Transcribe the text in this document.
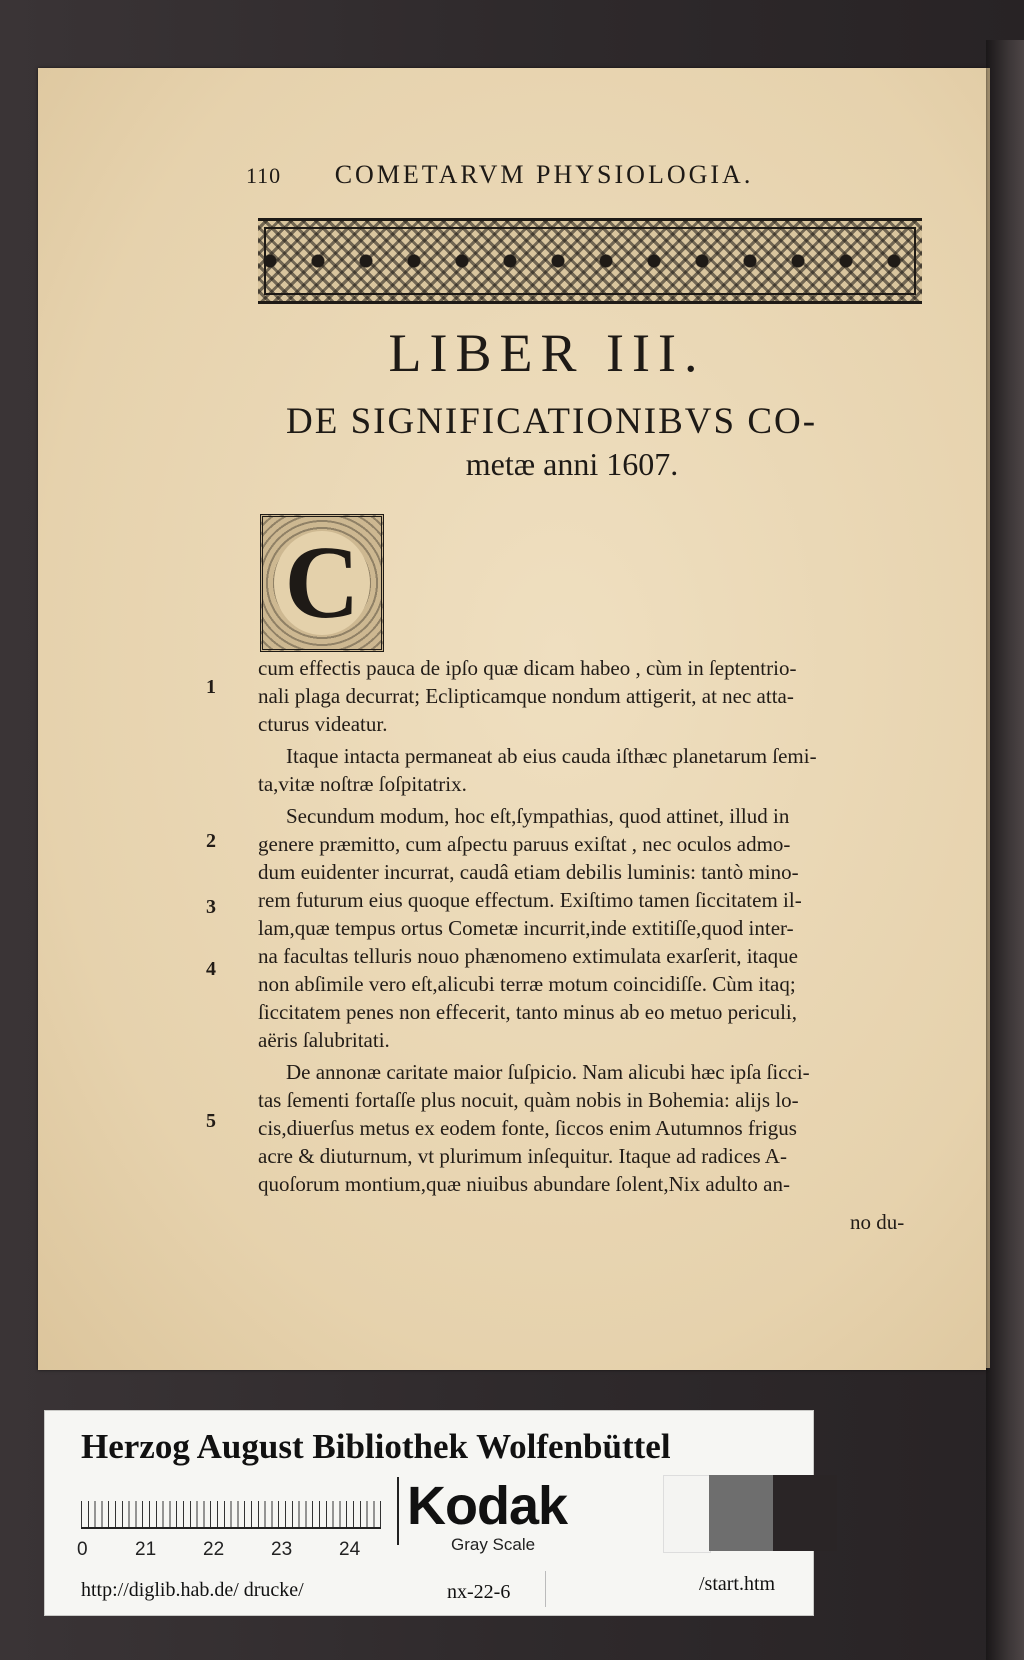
110 COMETARVM PHYSIOLOGIA.
LIBER III.
DE SIGNIFICATIONIBVS CO-
metæ anni 1607.
C
cum effectis pauca de ipſo quæ dicam habeo , cùm in ſeptentrio-
nali plaga decurrat; Eclipticamque nondum attigerit, at nec atta-
cturus videatur.
Itaque intacta permaneat ab eius cauda iſthæc planetarum ſemi-
ta,vitæ noſtræ ſoſpitatrix.
Secundum modum, hoc eſt,ſympathias, quod attinet, illud in
genere præmitto, cum aſpectu paruus exiſtat , nec oculos admo-
dum euidenter incurrat, caudâ etiam debilis luminis: tantò mino-
rem futurum eius quoque effectum. Exiſtimo tamen ſiccitatem il-
lam,quæ tempus ortus Cometæ incurrit,inde extitiſſe,quod inter-
na facultas telluris nouo phænomeno extimulata exarſerit, itaque
non abſimile vero eſt,alicubi terræ motum coincidiſſe. Cùm itaq;
ſiccitatem penes non effecerit, tanto minus ab eo metuo periculi,
aëris ſalubritati.
De annonæ caritate maior ſuſpicio. Nam alicubi hæc ipſa ſicci-
tas ſementi fortaſſe plus nocuit, quàm nobis in Bohemia: alijs lo-
cis,diuerſus metus ex eodem fonte, ſiccos enim Autumnos frigus
acre & diuturnum, vt plurimum inſequitur. Itaque ad radices A-
quoſorum montium,quæ niuibus abundare ſolent,Nix adulto an-
no du-
1
2
3
4
5
Herzog August Bibliothek Wolfenbüttel
0 21 22 23 24
Kodak
Gray Scale
http://diglib.hab.de/ drucke/	nx-22-6	/start.htm
